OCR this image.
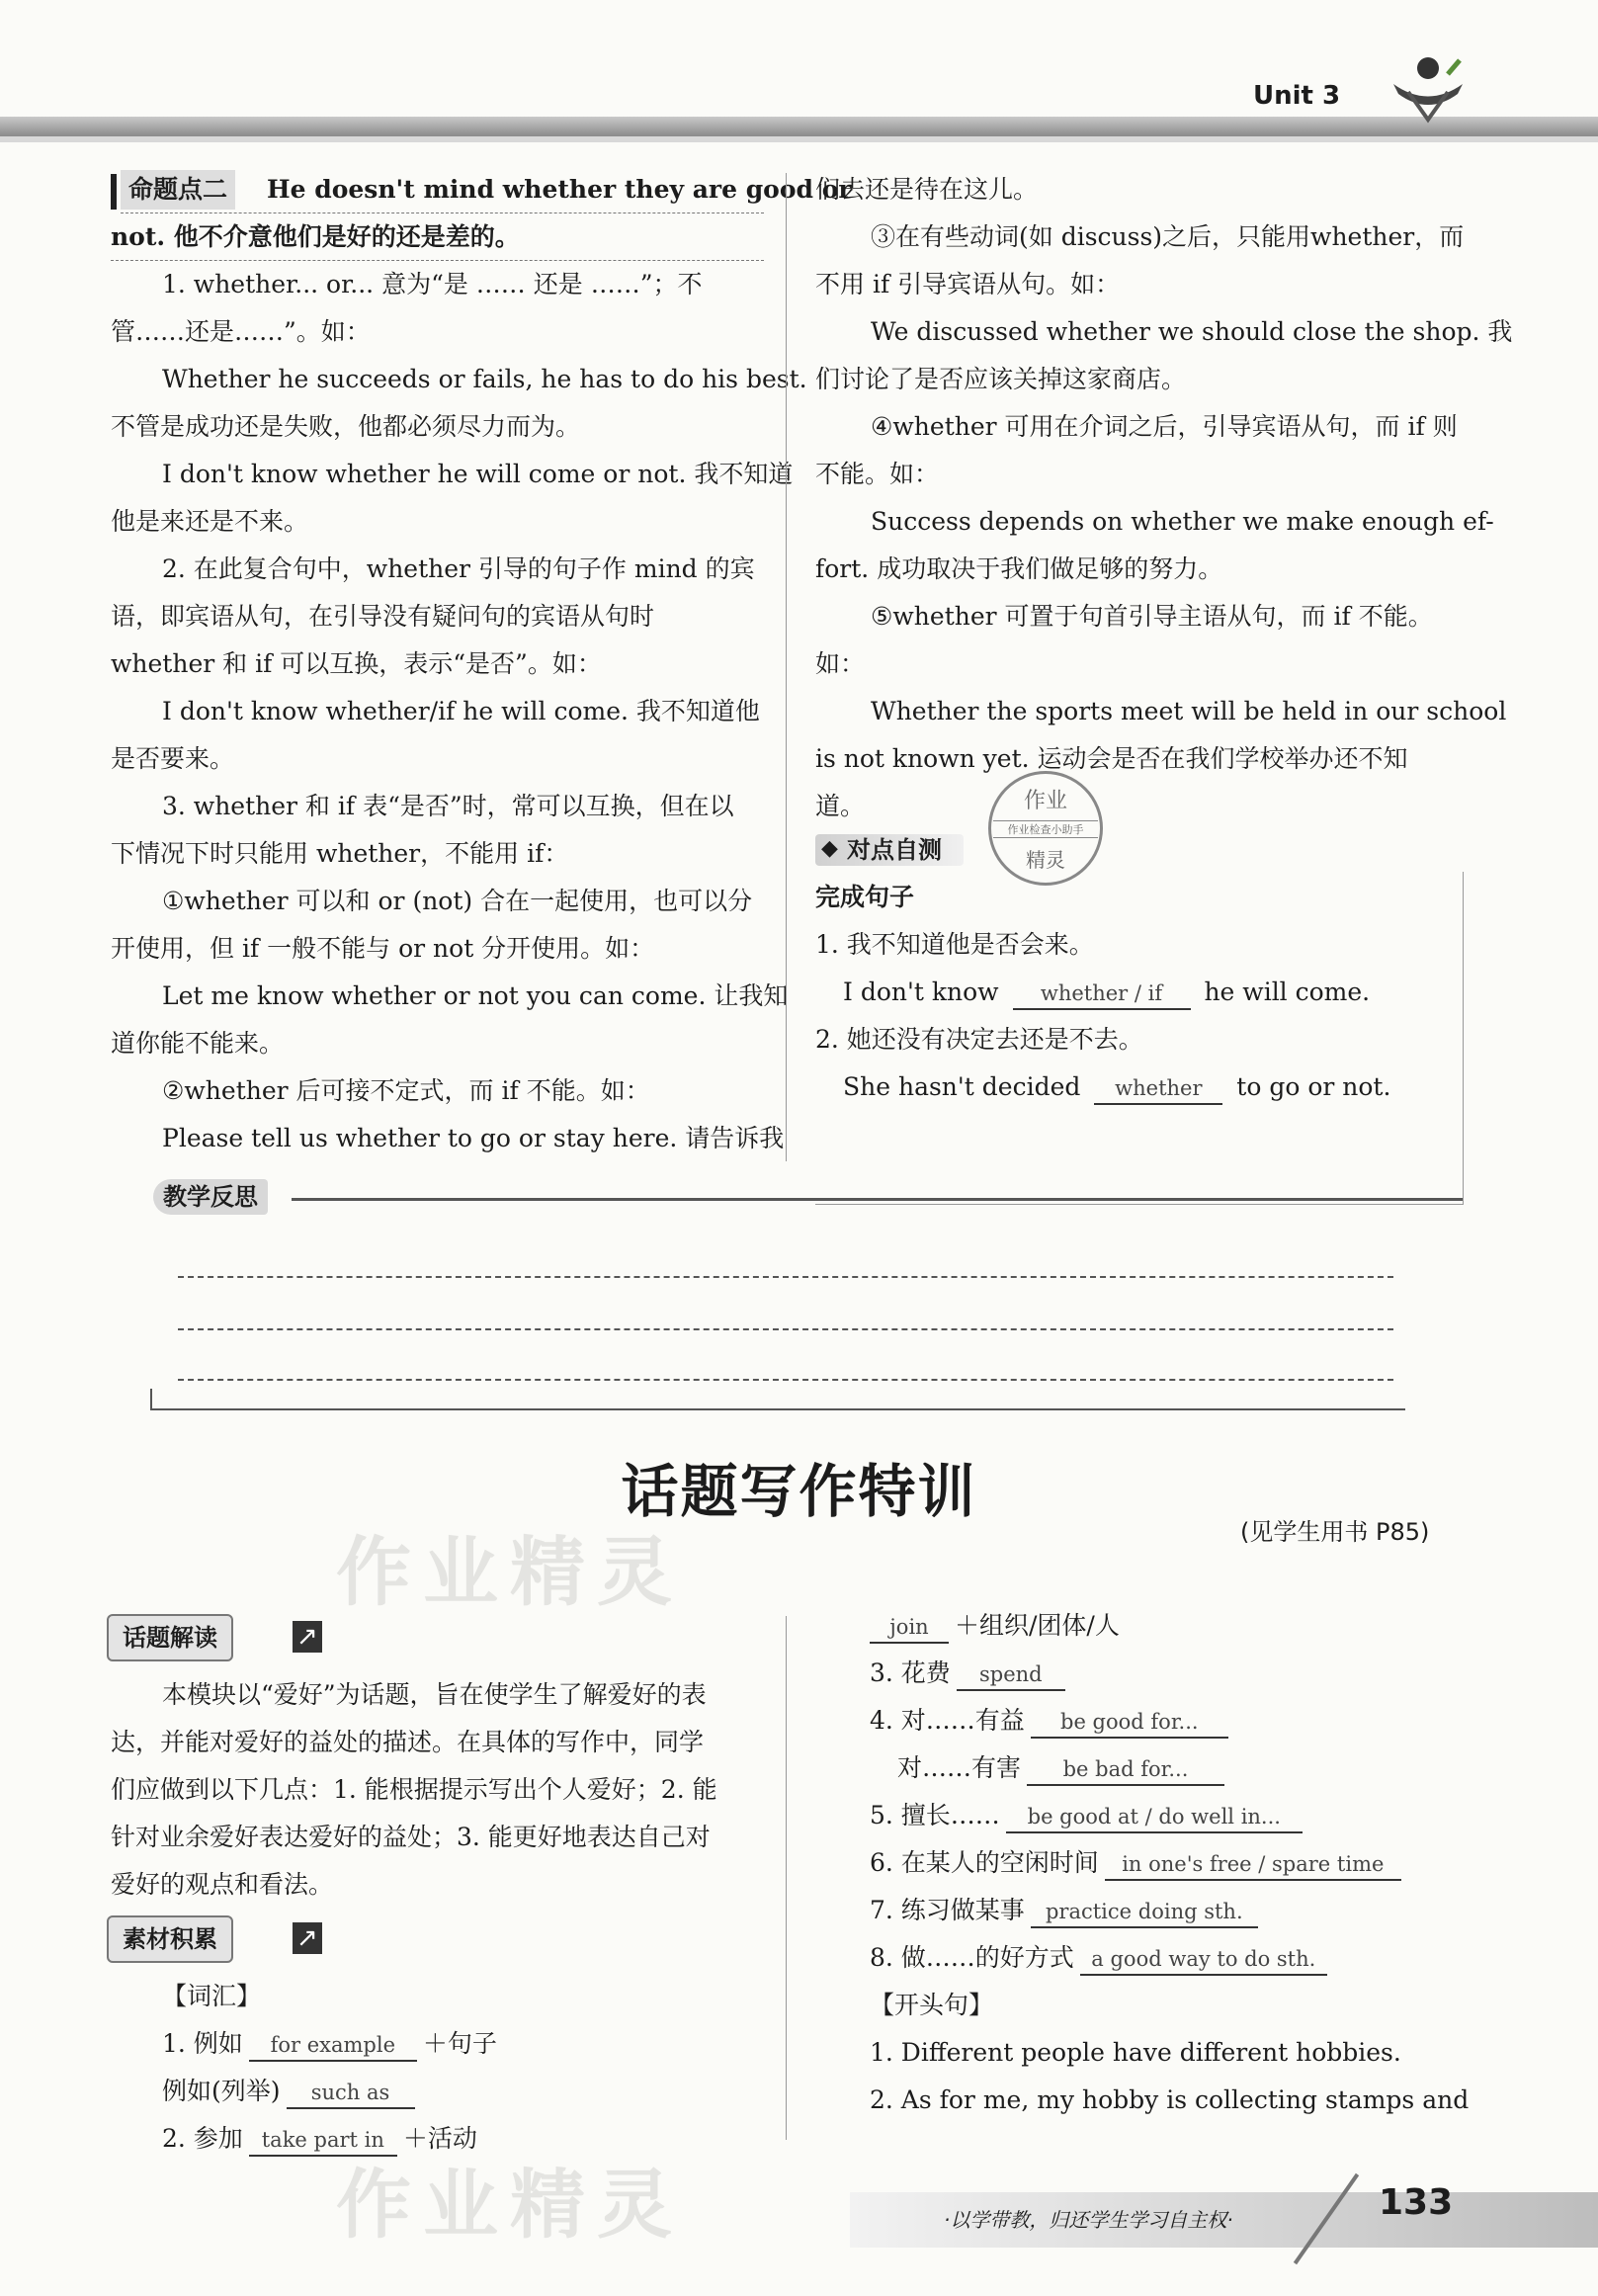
Unit 3
命题点二	He doesn't mind whether they are good or
not. 他不介意他们是好的还是差的。
1. whether... or... 意为“是 …… 还是 ……”；不
管……还是……”。如：
Whether he succeeds or fails, he has to do his best.
不管是成功还是失败，他都必须尽力而为。
I don't know whether he will come or not. 我不知道
他是来还是不来。
2. 在此复合句中，whether 引导的句子作 mind 的宾
语，即宾语从句，在引导没有疑问句的宾语从句时
whether 和 if 可以互换，表示“是否”。如：
I don't know whether/if he will come. 我不知道他
是否要来。
3. whether 和 if 表“是否”时，常可以互换，但在以
下情况下时只能用 whether，不能用 if：
①whether 可以和 or (not) 合在一起使用，也可以分
开使用，但 if 一般不能与 or not 分开使用。如：
Let me know whether or not you can come. 让我知
道你能不能来。
②whether 后可接不定式，而 if 不能。如：
Please tell us whether to go or stay here. 请告诉我
们去还是待在这儿。
③在有些动词(如 discuss)之后，只能用whether，而
不用 if 引导宾语从句。如：
We discussed whether we should close the shop. 我
们讨论了是否应该关掉这家商店。
④whether 可用在介词之后，引导宾语从句，而 if 则
不能。如：
Success depends on whether we make enough ef-
fort. 成功取决于我们做足够的努力。
⑤whether 可置于句首引导主语从句，而 if 不能。
如：
Whether the sports meet will be held in our school
is not known yet. 运动会是否在我们学校举办还不知
道。	作业
作业检查小助手
精灵
◆ 对点自测
完成句子
1. 我不知道他是否会来。
I don't know whether / if he will come.
2. 她还没有决定去还是不去。
She hasn't decided whether to go or not.
教学反思
话题写作特训
(见学生用书 P85)
作业精灵
话题解读	↗
本模块以“爱好”为话题，旨在使学生了解爱好的表
达，并能对爱好的益处的描述。在具体的写作中，同学
们应做到以下几点：1. 能根据提示写出个人爱好；2. 能
针对业余爱好表达爱好的益处；3. 能更好地表达自己对
爱好的观点和看法。
素材积累	↗
【词汇】
1. 例如 for example ＋句子
例如(列举) such as
2. 参加 take part in ＋活动
作业精灵
join ＋组织/团体/人
3. 花费 spend
4. 对……有益 be good for...
对……有害 be bad for...
5. 擅长…… be good at / do well in...
6. 在某人的空闲时间 in one's free / spare time
7. 练习做某事 practice doing sth.
8. 做……的好方式 a good way to do sth.
【开头句】
1. Different people have different hobbies.
2. As for me, my hobby is collecting stamps and
·以学带教，归还学生学习自主权·	133
